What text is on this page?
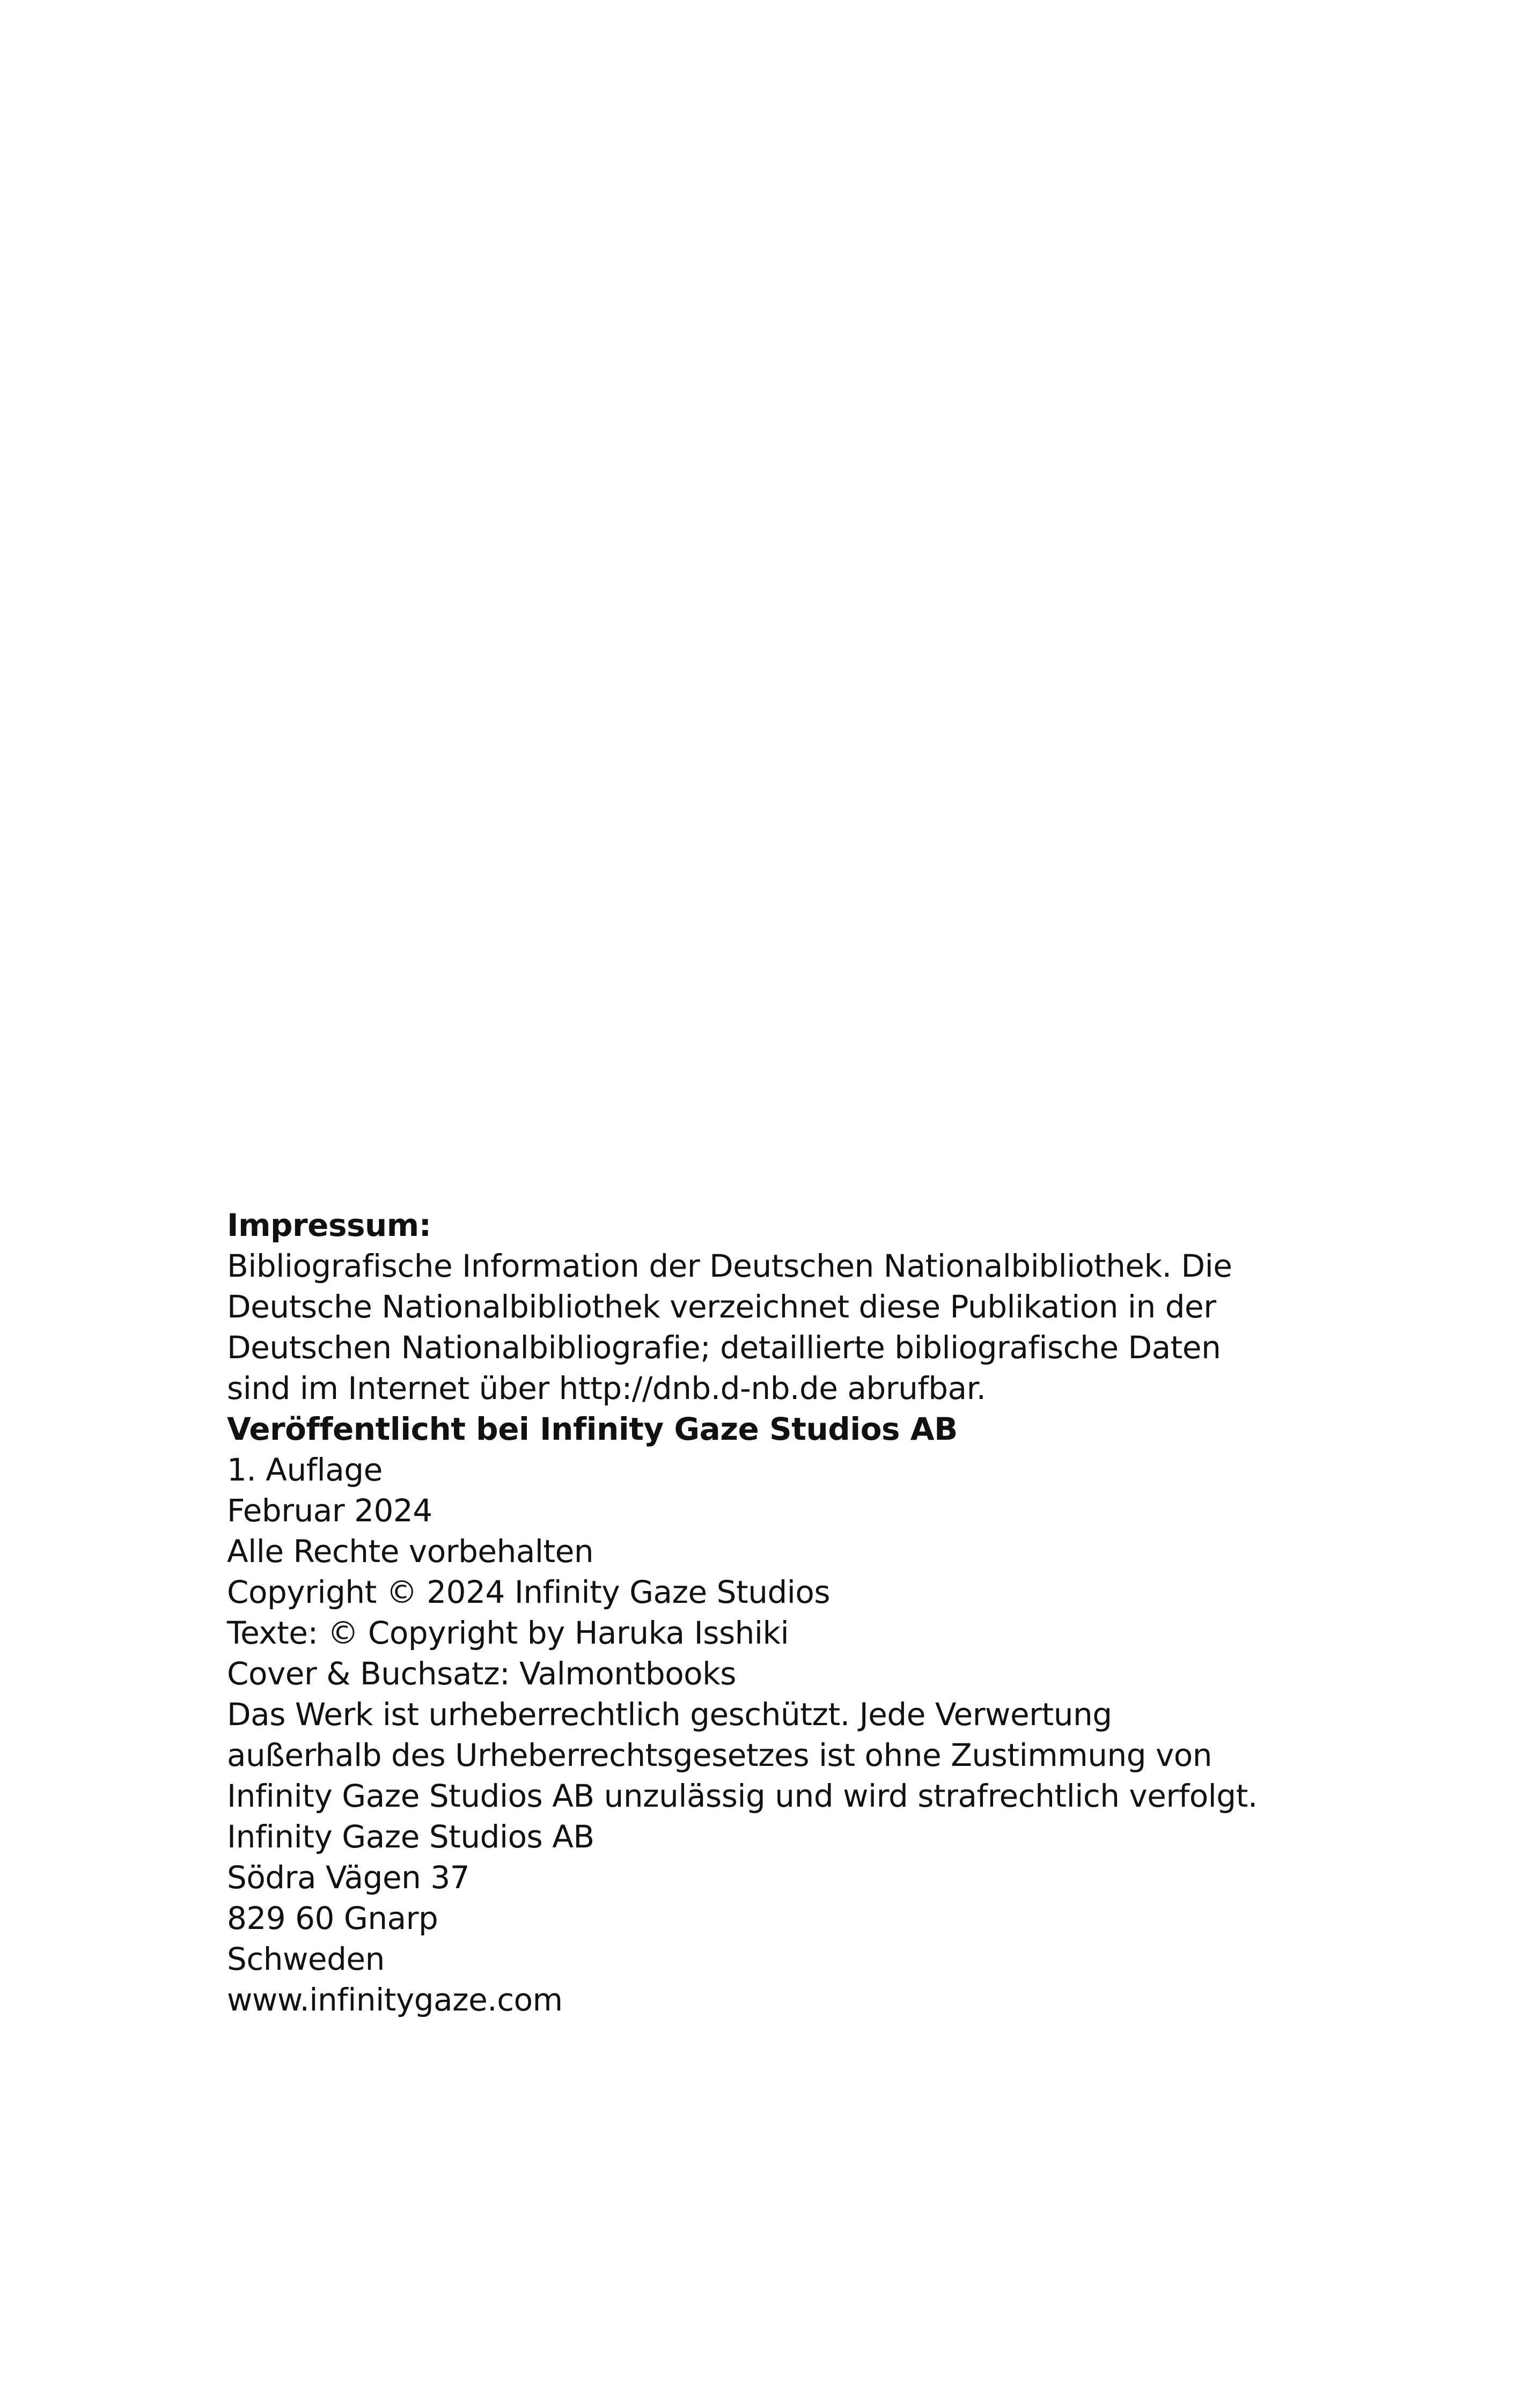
Impressum:
Bibliografische Information der Deutschen Nationalbibliothek. Die
Deutsche Nationalbibliothek verzeichnet diese Publikation in der
Deutschen Nationalbibliografie; detaillierte bibliografische Daten
sind im Internet über http://dnb.d-nb.de abrufbar.
Veröffentlicht bei Infinity Gaze Studios AB
1. Auflage
Februar 2024
Alle Rechte vorbehalten
Copyright © 2024 Infinity Gaze Studios
Texte: © Copyright by Haruka Isshiki
Cover & Buchsatz: Valmontbooks
Das Werk ist urheberrechtlich geschützt. Jede Verwertung
außerhalb des Urheberrechtsgesetzes ist ohne Zustimmung von
Infinity Gaze Studios AB unzulässig und wird strafrechtlich verfolgt.
Infinity Gaze Studios AB
Södra Vägen 37
829 60 Gnarp
Schweden
www.infinitygaze.com
